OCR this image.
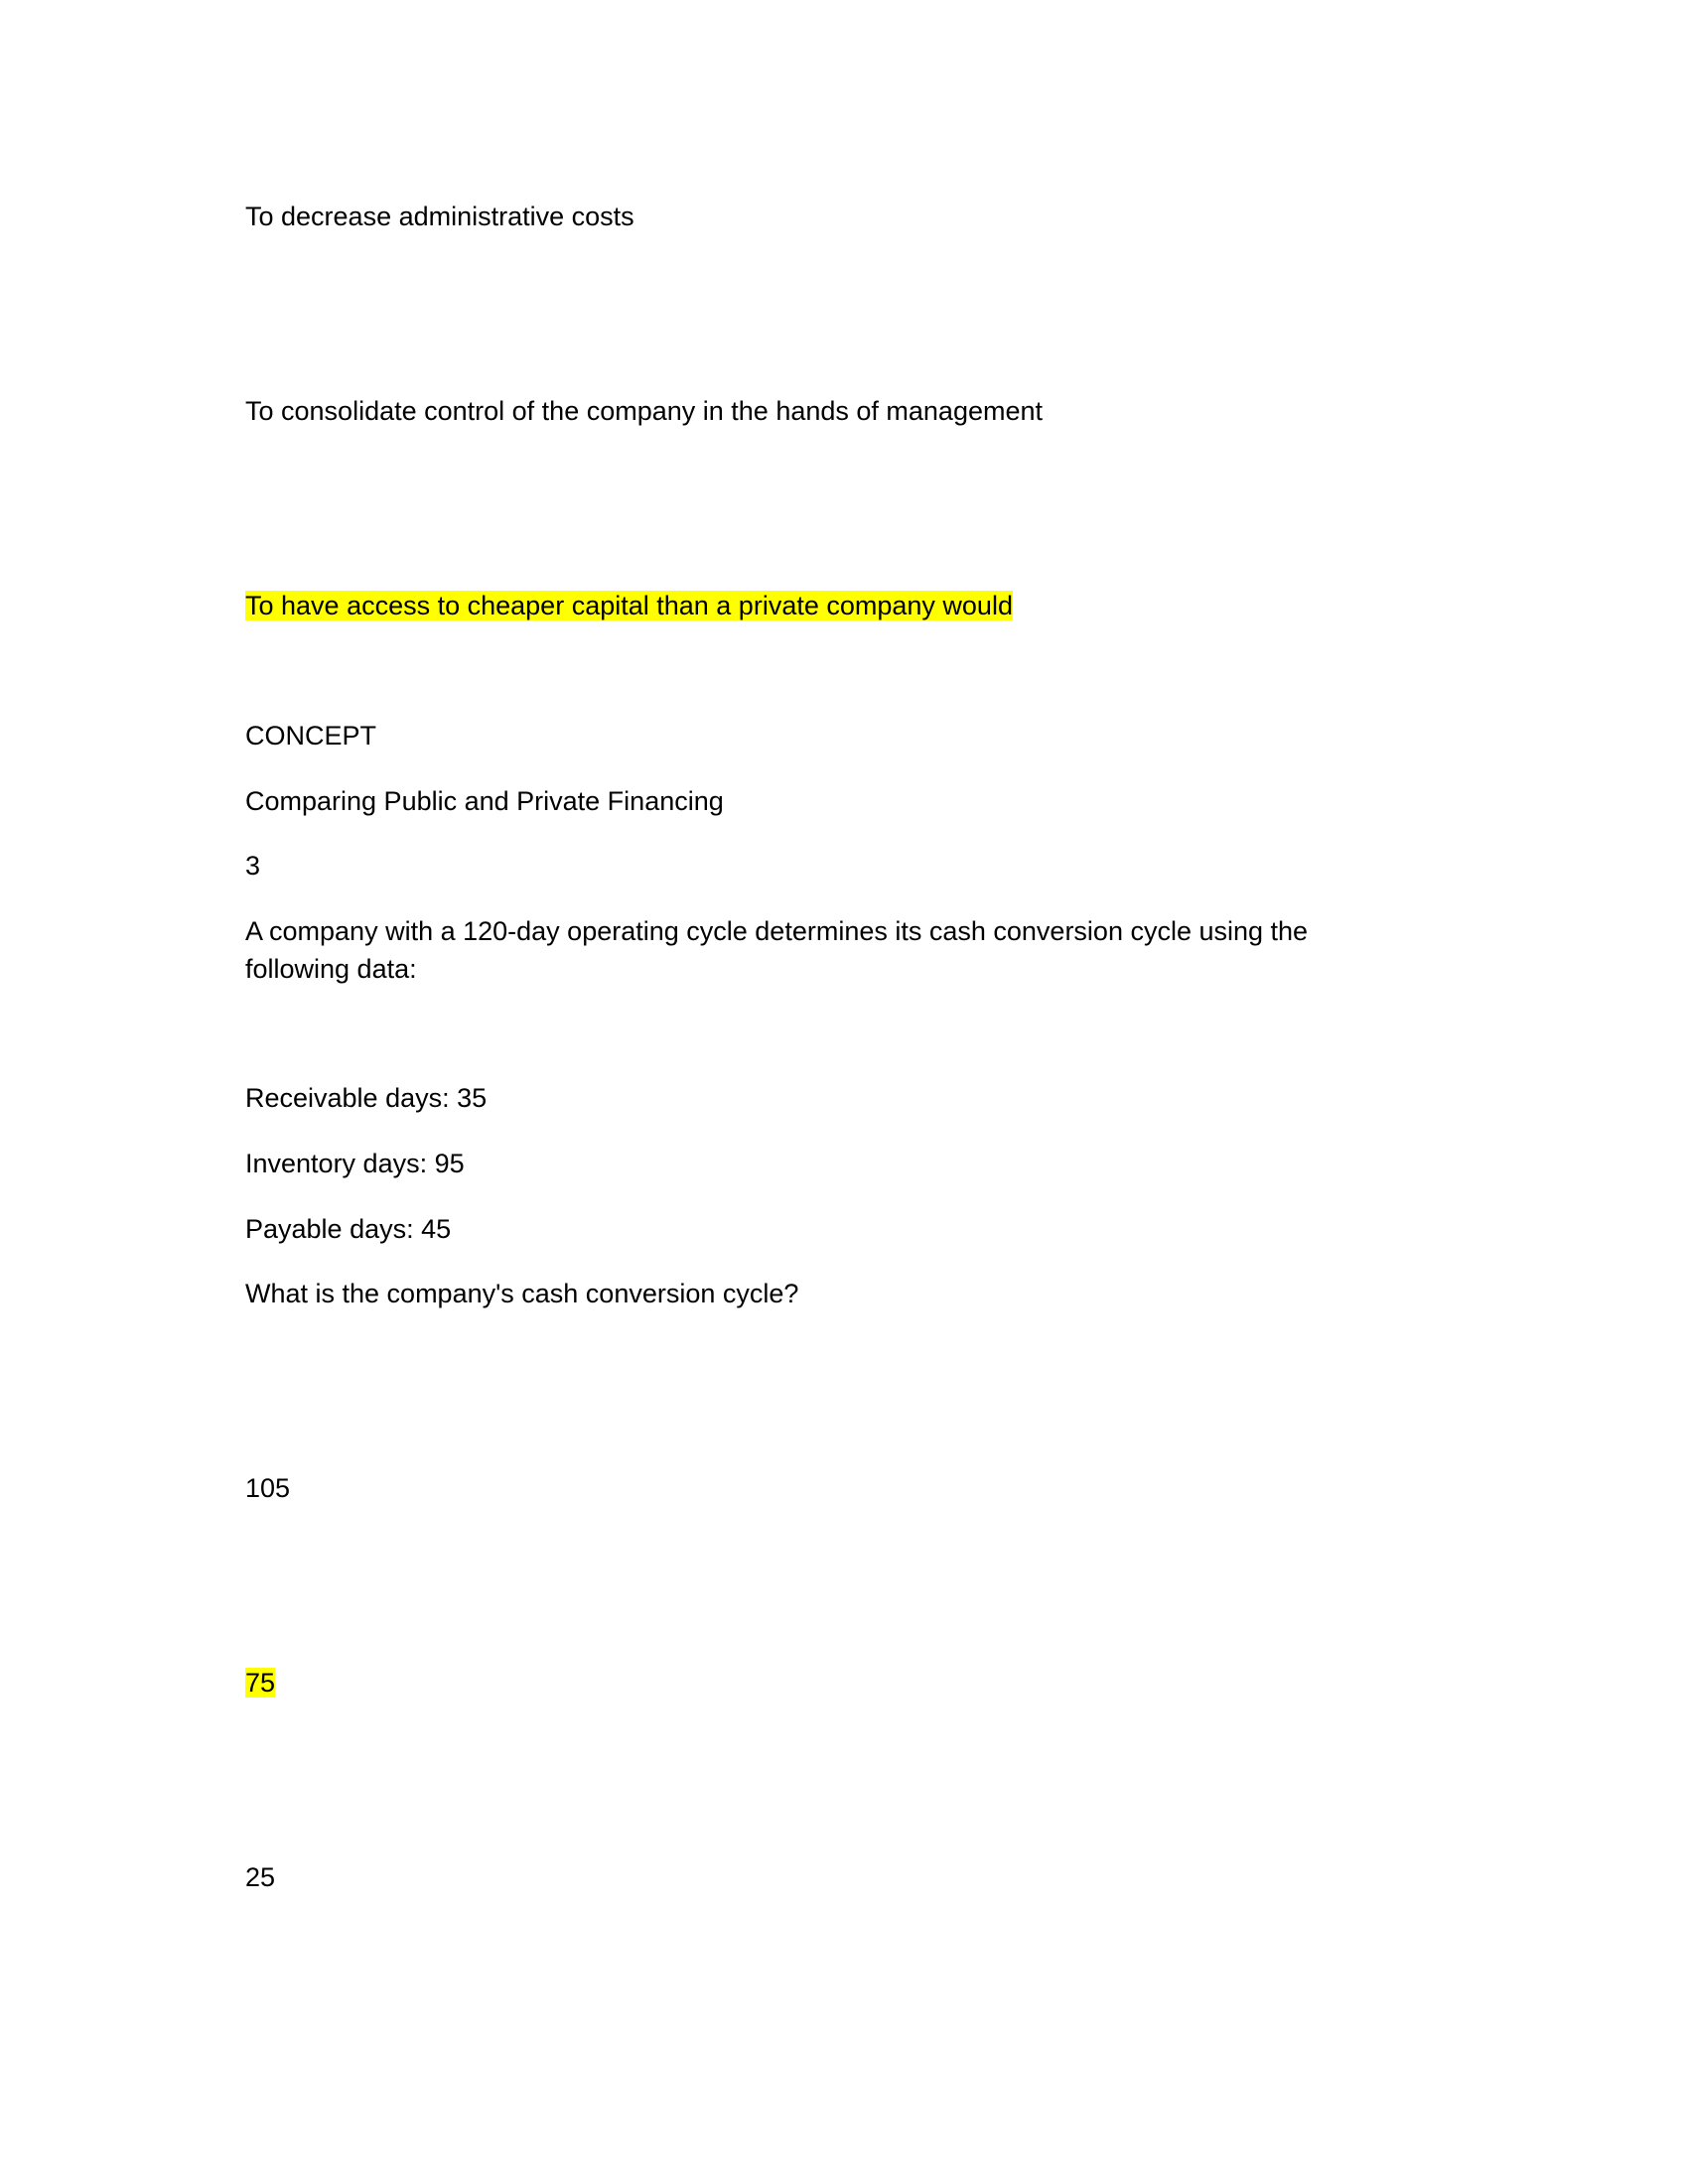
To decrease administrative costs
To consolidate control of the company in the hands of management
To have access to cheaper capital than a private company would
CONCEPT
Comparing Public and Private Financing
3
A company with a 120-day operating cycle determines its cash conversion cycle using the following data:
Receivable days: 35
Inventory days: 95
Payable days: 45
What is the company's cash conversion cycle?
105
75
25
